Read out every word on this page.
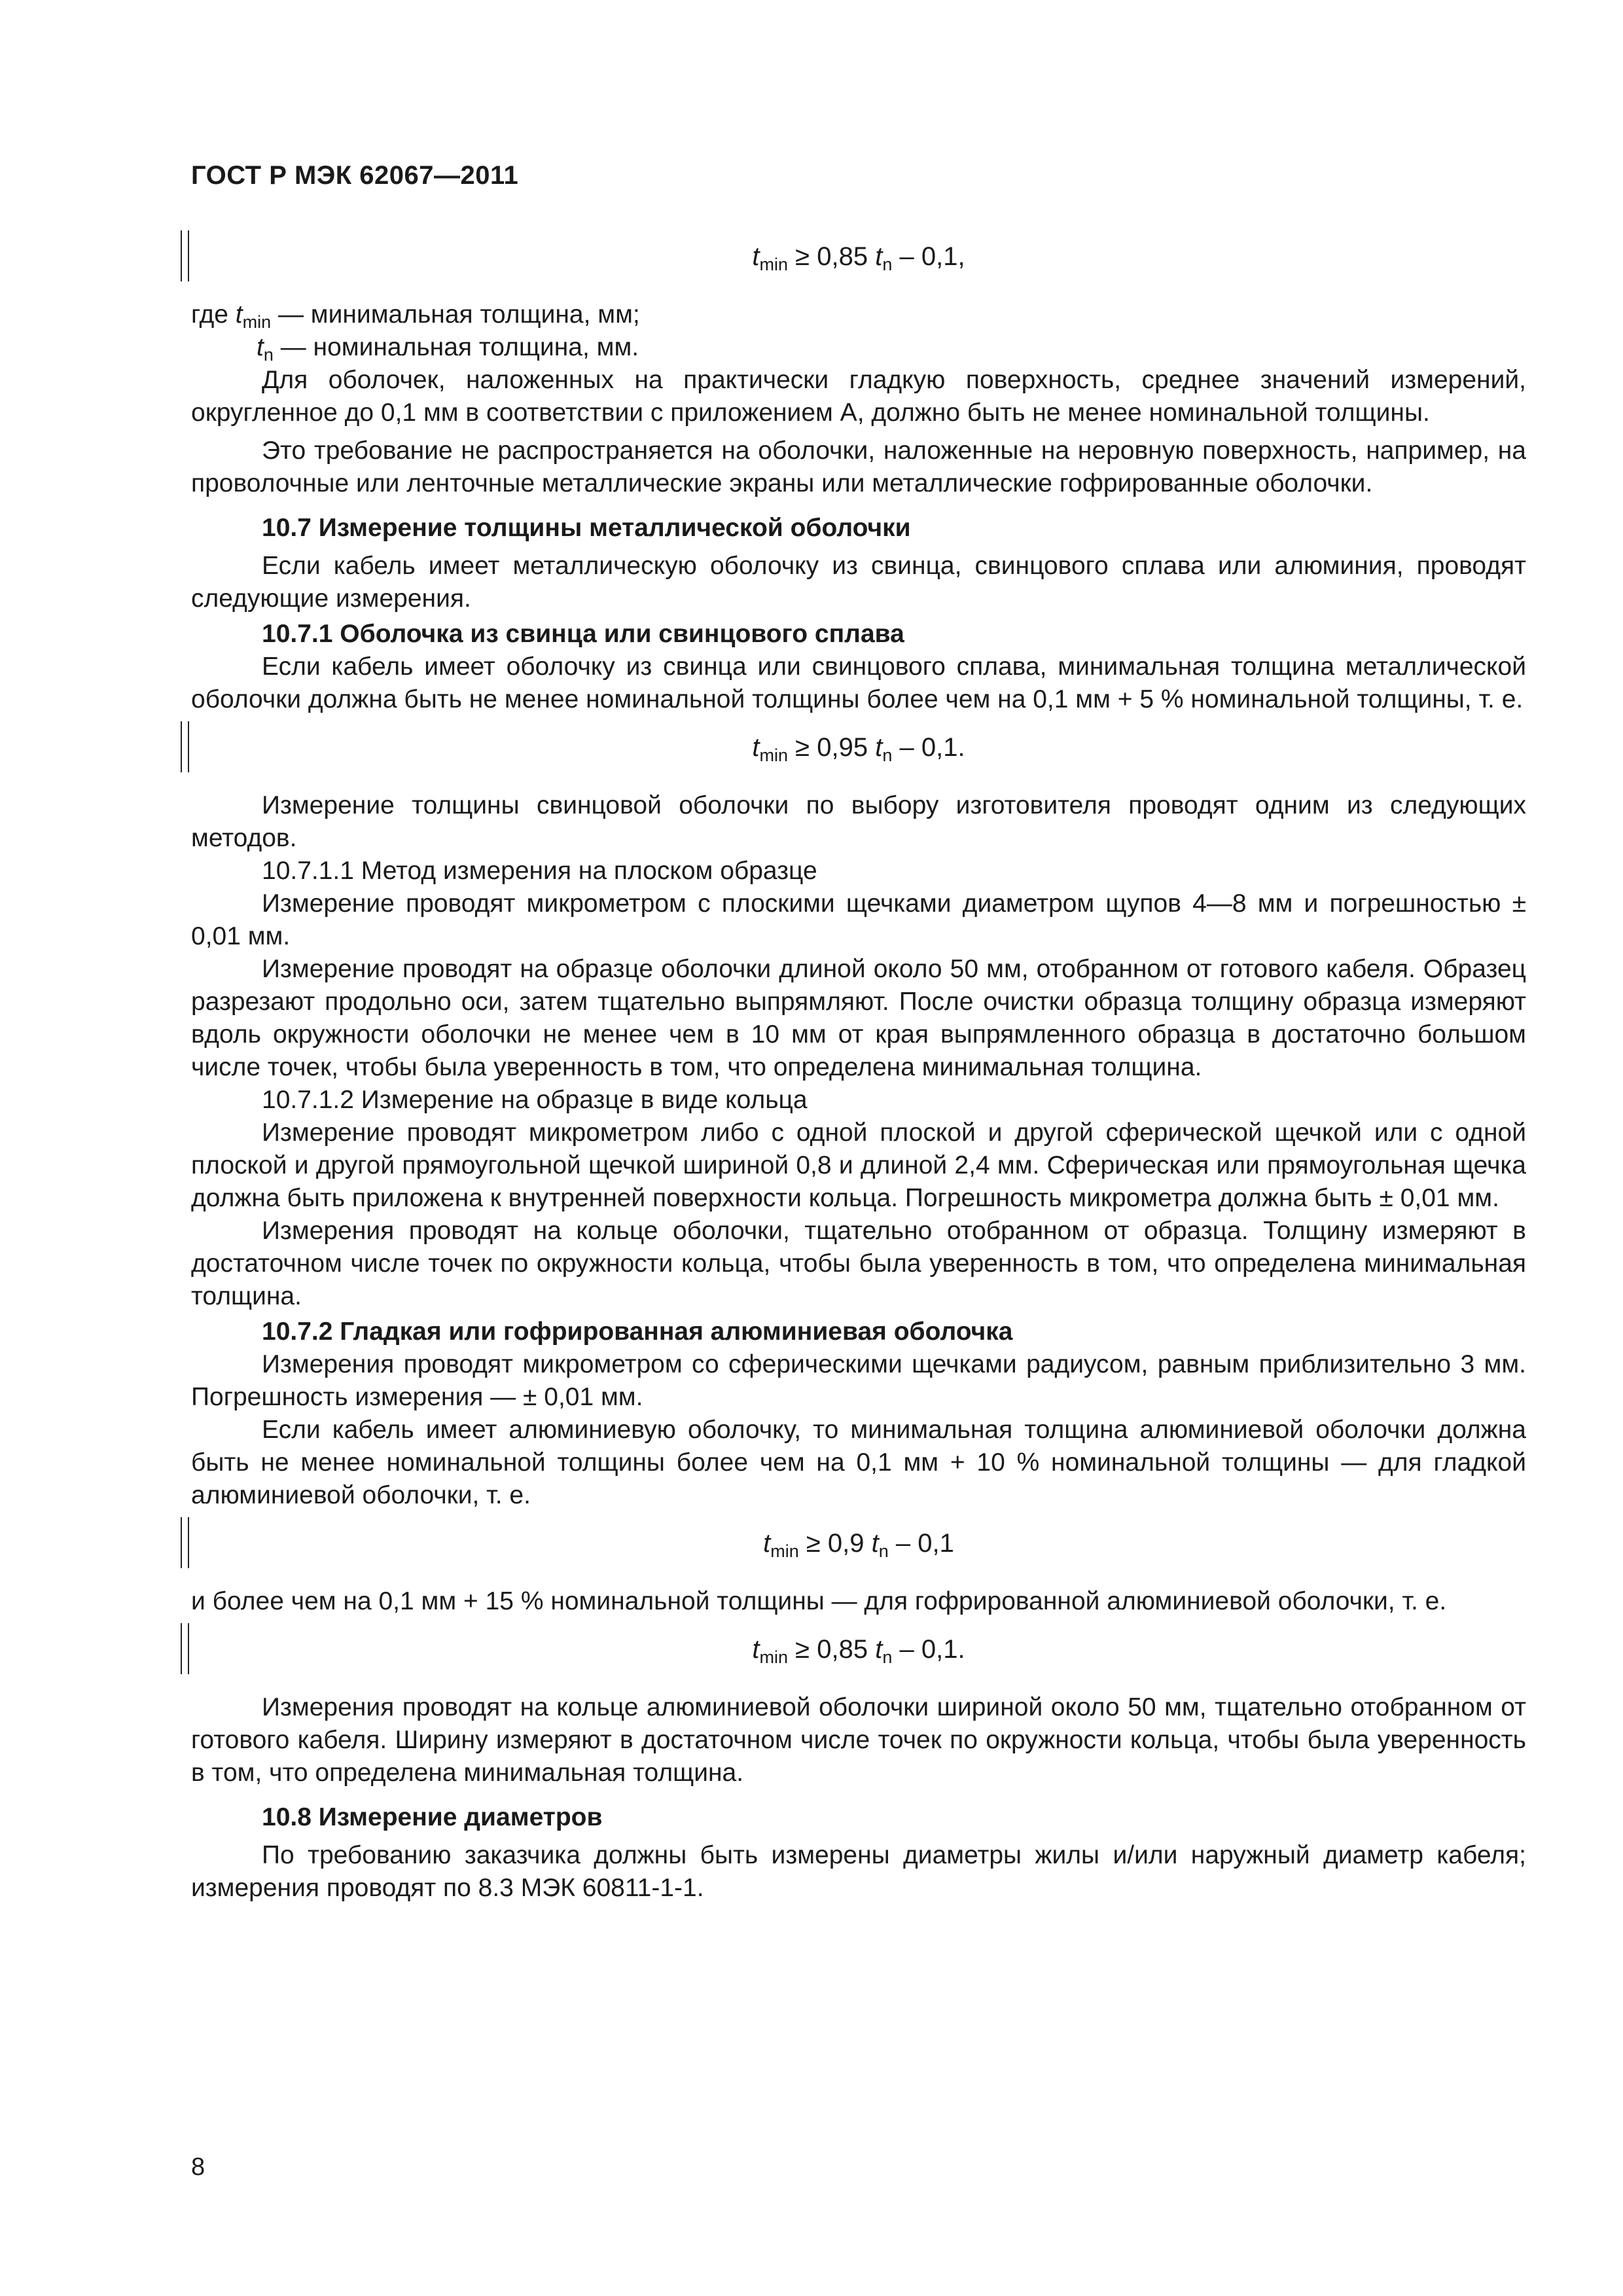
ГОСТ Р МЭК 62067—2011
$t_{min} \ge 0,85$ $t_n - 0,1$,

где $t_{min}$ — минимальная толщина, мм;

$t_n$ — номинальная толщина, мм.

Для оболочек, наложенных на практически гладкую поверхность, среднее значений измерений, округленное до 0,1 мм в соответствии с приложением А, должно быть не менее номинальной толщины.

Это требование не распространяется на оболочки, наложенные на неровную поверхность, например, на проволочные или ленточные металлические экраны или металлические гофрированные оболочки.

10.7 Измерение толщины металлической оболочки

Если кабель имеет металлическую оболочку из свинца, свинцового сплава или алюминия, проводят следующие измерения.

10.7.1 Оболочка из свинца или свинцового сплава

Если кабель имеет оболочку из свинца или свинцового сплава, минимальная толщина металлической оболочки должна быть не менее номинальной толщины более чем на 0,1 мм + 5 % номинальной толщины, т. е.

$t_{min} \ge 0,95$ $t_n - 0,1$.

Измерение толщины свинцовой оболочки по выбору изготовителя проводят одним из следующих методов.

10.7.1.1 Метод измерения на плоском образце

Измерение проводят микрометром с плоскими щечками диаметром щупов 4—8 мм и погрешностью ± 0,01 мм.

Измерение проводят на образце оболочки длиной около 50 мм, отобранном от готового кабеля. Образец разрезают продольно оси, затем тщательно выпрямляют. После очистки образца толщину образца измеряют вдоль окружности оболочки не менее чем в 10 мм от края выпрямленного образца в достаточно большом числе точек, чтобы была уверенность в том, что определена минимальная толщина.

10.7.1.2 Измерение на образце в виде кольца

Измерение проводят микрометром либо с одной плоской и другой сферической щечкой или с одной плоской и другой прямоугольной щечкой шириной 0,8 и длиной 2,4 мм. Сферическая или прямоугольная щечка должна быть приложена к внутренней поверхности кольца. Погрешность микрометра должна быть ± 0,01 мм.

Измерения проводят на кольце оболочки, тщательно отобранном от образца. Толщину измеряют в достаточном числе точек по окружности кольца, чтобы была уверенность в том, что определена минимальная толщина.

10.7.2 Гладкая или гофрированная алюминиевая оболочка

Измерения проводят микрометром со сферическими щечками радиусом, равным приблизительно 3 мм. Погрешность измерения — ± 0,01 мм.

Если кабель имеет алюминиевую оболочку, то минимальная толщина алюминиевой оболочки должна быть не менее номинальной толщины более чем на 0,1 мм + 10 % номинальной толщины — для гладкой алюминиевой оболочки, т. е.

$t_{min} \ge 0,9$ $t_n - 0,1$

и более чем на 0,1 мм + 15 % номинальной толщины — для гофрированной алюминиевой оболочки, т. е.

$t_{min} \ge 0,85$ $t_n - 0,1$.

Измерения проводят на кольце алюминиевой оболочки шириной около 50 мм, тщательно отобранном от готового кабеля. Ширину измеряют в достаточном числе точек по окружности кольца, чтобы была уверенность в том, что определена минимальная толщина.

10.8 Измерение диаметров

По требованию заказчика должны быть измерены диаметры жилы и/или наружный диаметр кабеля; измерения проводят по 8.3 МЭК 60811-1-1.

8
